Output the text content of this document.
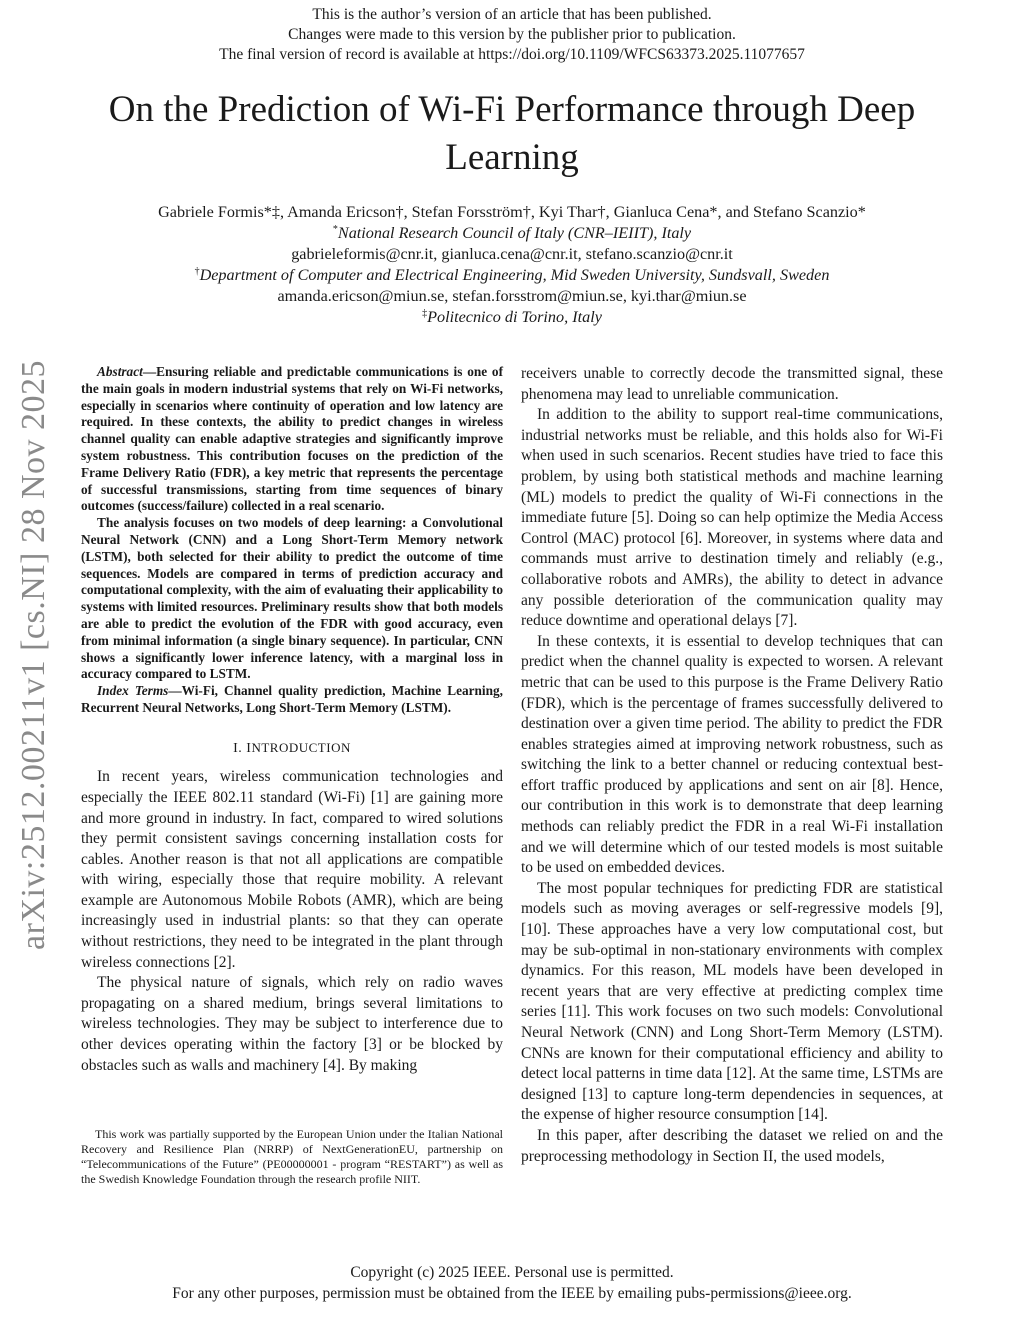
This is the author’s version of an article that has been published.
Changes were made to this version by the publisher prior to publication.
The final version of record is available at https://doi.org/10.1109/WFCS63373.2025.11077657
On the Prediction of Wi-Fi Performance through Deep Learning
Gabriele Formis*‡, Amanda Ericson†, Stefan Forsström†, Kyi Thar†, Gianluca Cena*, and Stefano Scanzio*
*National Research Council of Italy (CNR–IEIIT), Italy
gabrieleformis@cnr.it, gianluca.cena@cnr.it, stefano.scanzio@cnr.it
†Department of Computer and Electrical Engineering, Mid Sweden University, Sundsvall, Sweden
amanda.ericson@miun.se, stefan.forsstrom@miun.se, kyi.thar@miun.se
‡Politecnico di Torino, Italy
arXiv:2512.00211v1 [cs.NI] 28 Nov 2025	Abstract—Ensuring reliable and predictable communications is one of the main goals in modern industrial systems that rely on Wi-Fi networks, especially in scenarios where continuity of operation and low latency are required. In these contexts, the ability to predict changes in wireless channel quality can enable adaptive strategies and significantly improve system robustness. This contribution focuses on the prediction of the Frame Delivery Ratio (FDR), a key metric that represents the percentage of successful transmissions, starting from time sequences of binary outcomes (success/failure) collected in a real scenario.

The analysis focuses on two models of deep learning: a Convolutional Neural Network (CNN) and a Long Short-Term Memory network (LSTM), both selected for their ability to predict the outcome of time sequences. Models are compared in terms of prediction accuracy and computational complexity, with the aim of evaluating their applicability to systems with limited resources. Preliminary results show that both models are able to predict the evolution of the FDR with good accuracy, even from minimal information (a single binary sequence). In particular, CNN shows a significantly lower inference latency, with a marginal loss in accuracy compared to LSTM.

Index Terms—Wi-Fi, Channel quality prediction, Machine Learning, Recurrent Neural Networks, Long Short-Term Memory (LSTM).

I. INTRODUCTION

In recent years, wireless communication technologies and especially the IEEE 802.11 standard (Wi-Fi) [1] are gaining more and more ground in industry. In fact, compared to wired solutions they permit consistent savings concerning installation costs for cables. Another reason is that not all applications are compatible with wiring, especially those that require mobility. A relevant example are Autonomous Mobile Robots (AMR), which are being increasingly used in industrial plants: so that they can operate without restrictions, they need to be integrated in the plant through wireless connections [2].

The physical nature of signals, which rely on radio waves propagating on a shared medium, brings several limitations to wireless technologies. They may be subject to interference due to other devices operating within the factory [3] or be blocked by obstacles such as walls and machinery [4]. By making

This work was partially supported by the European Union under the Italian National Recovery and Resilience Plan (NRRP) of NextGenerationEU, partnership on “Telecommunications of the Future” (PE00000001 - program “RESTART”) as well as the Swedish Knowledge Foundation through the research profile NIIT.

receivers unable to correctly decode the transmitted signal, these phenomena may lead to unreliable communication.

In addition to the ability to support real-time communications, industrial networks must be reliable, and this holds also for Wi-Fi when used in such scenarios. Recent studies have tried to face this problem, by using both statistical methods and machine learning (ML) models to predict the quality of Wi-Fi connections in the immediate future [5]. Doing so can help optimize the Media Access Control (MAC) protocol [6]. Moreover, in systems where data and commands must arrive to destination timely and reliably (e.g., collaborative robots and AMRs), the ability to detect in advance any possible deterioration of the communication quality may reduce downtime and operational delays [7].

In these contexts, it is essential to develop techniques that can predict when the channel quality is expected to worsen. A relevant metric that can be used to this purpose is the Frame Delivery Ratio (FDR), which is the percentage of frames successfully delivered to destination over a given time period. The ability to predict the FDR enables strategies aimed at improving network robustness, such as switching the link to a better channel or reducing contextual best-effort traffic produced by applications and sent on air [8]. Hence, our contribution in this work is to demonstrate that deep learning methods can reliably predict the FDR in a real Wi-Fi installation and we will determine which of our tested models is most suitable to be used on embedded devices.

The most popular techniques for predicting FDR are statistical models such as moving averages or self-regressive models [9], [10]. These approaches have a very low computational cost, but may be sub-optimal in non-stationary environments with complex dynamics. For this reason, ML models have been developed in recent years that are very effective at predicting complex time series [11]. This work focuses on two such models: Convolutional Neural Network (CNN) and Long Short-Term Memory (LSTM). CNNs are known for their computational efficiency and ability to detect local patterns in time data [12]. At the same time, LSTMs are designed [13] to capture long-term dependencies in sequences, at the expense of higher resource consumption [14].

In this paper, after describing the dataset we relied on and the preprocessing methodology in Section II, the used models,

Copyright (c) 2025 IEEE. Personal use is permitted.
For any other purposes, permission must be obtained from the IEEE by emailing pubs-permissions@ieee.org.
